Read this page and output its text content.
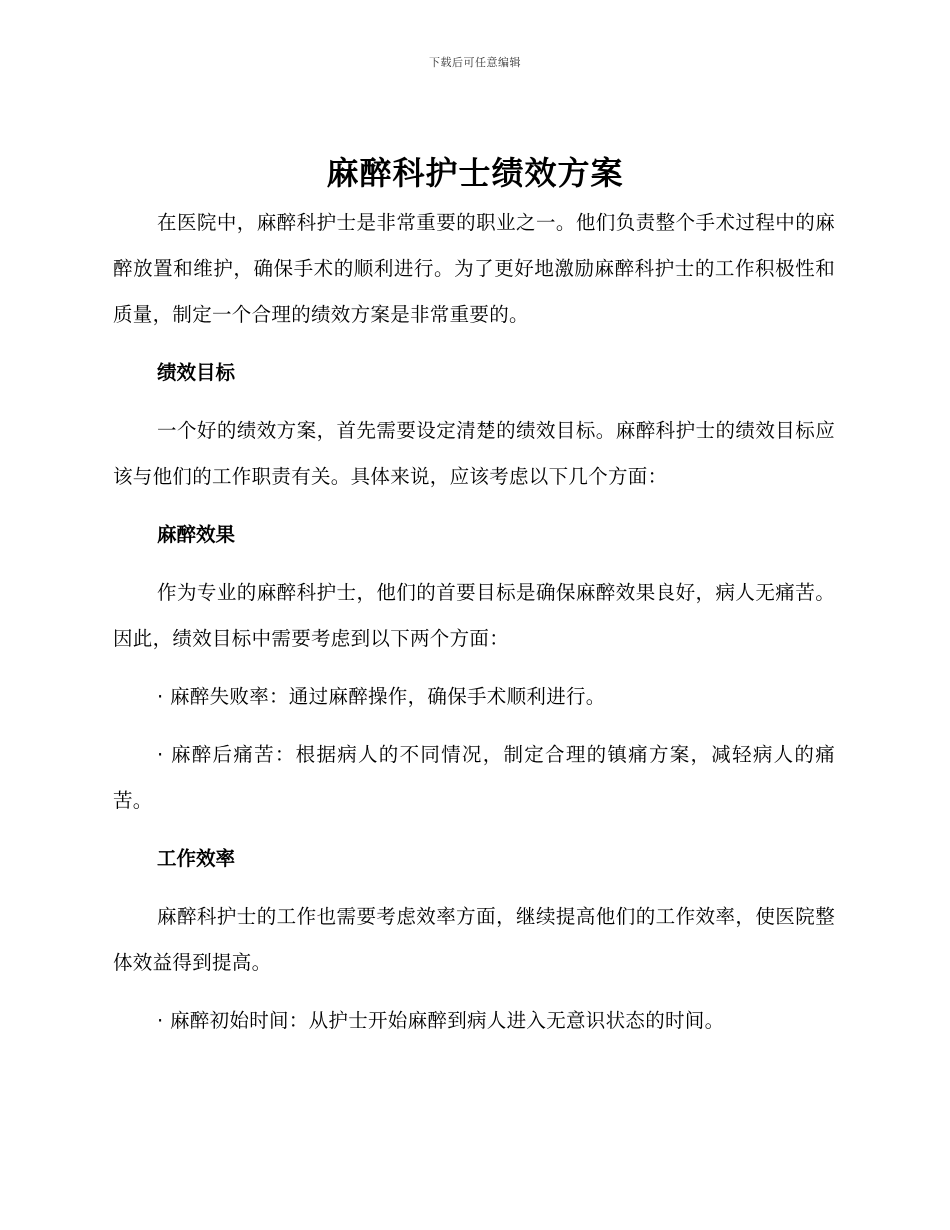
下载后可任意编辑
麻醉科护士绩效方案

在医院中，麻醉科护士是非常重要的职业之一。他们负责整个手术过程中的麻醉放置和维护，确保手术的顺利进行。为了更好地激励麻醉科护士的工作积极性和质量，制定一个合理的绩效方案是非常重要的。

绩效目标

一个好的绩效方案，首先需要设定清楚的绩效目标。麻醉科护士的绩效目标应该与他们的工作职责有关。具体来说，应该考虑以下几个方面：

麻醉效果

作为专业的麻醉科护士，他们的首要目标是确保麻醉效果良好，病人无痛苦。因此，绩效目标中需要考虑到以下两个方面：

· 麻醉失败率：通过麻醉操作，确保手术顺利进行。

· 麻醉后痛苦：根据病人的不同情况，制定合理的镇痛方案，减轻病人的痛苦。

工作效率

麻醉科护士的工作也需要考虑效率方面，继续提高他们的工作效率，使医院整体效益得到提高。

· 麻醉初始时间：从护士开始麻醉到病人进入无意识状态的时间。
